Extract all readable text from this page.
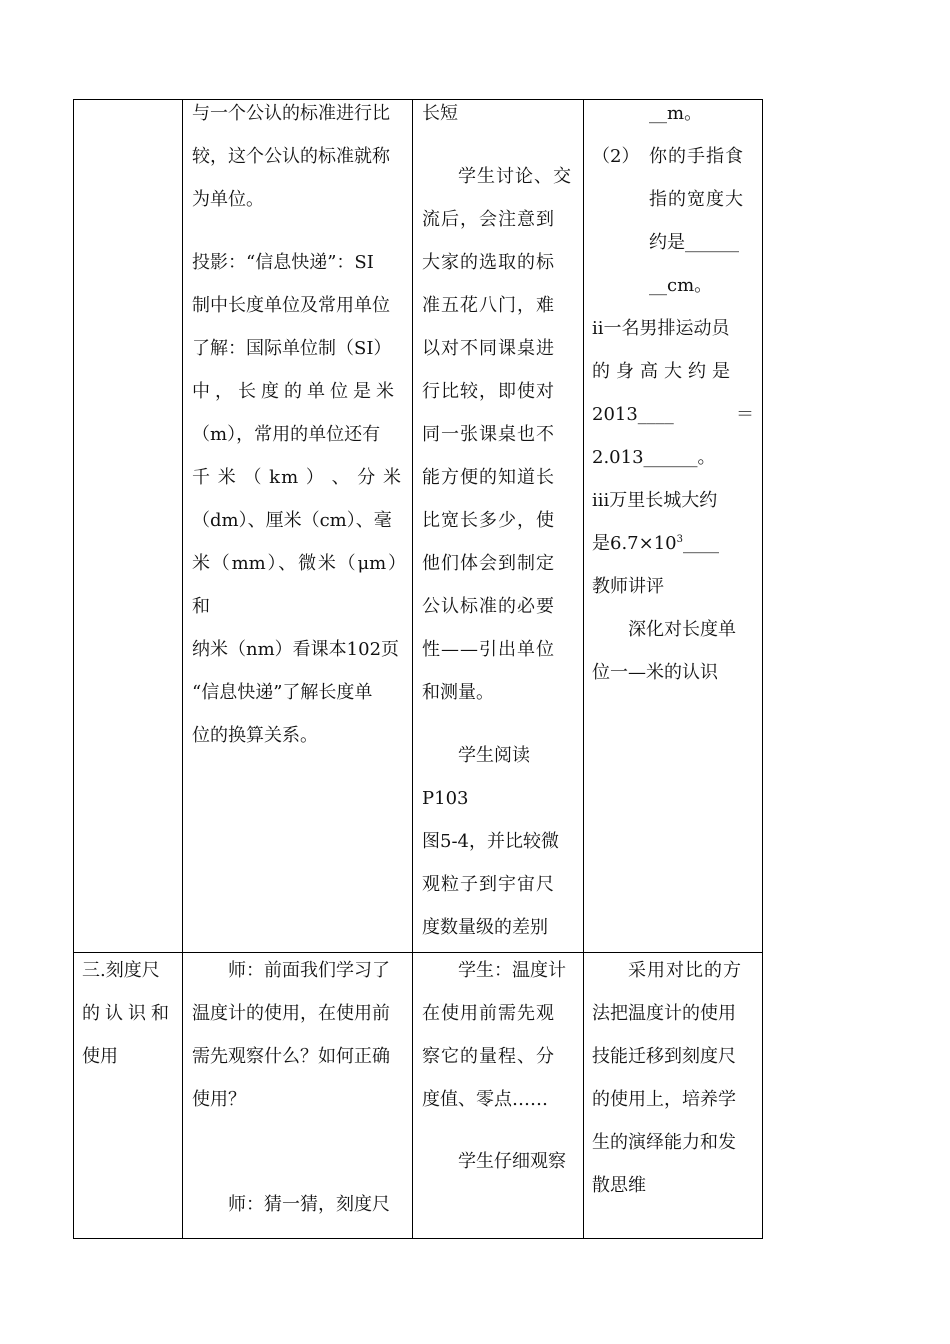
与一个公认的标准进行比

较，这个公认的标准就称

为单位。

投影：“信息快递”：SI

制中长度单位及常用单位

了解：国际单位制（SI）

中，长度的单位是米

（m），常用的单位还有

千 米 （ km ） 、 分 米

（dm）、厘米（cm）、毫

米（mm）、微米（μm）和

纳米（nm）看课本102页

“信息快递”了解长度单

位的换算关系。

长短

学生讨论、交

流后，会注意到

大家的选取的标

准五花八门，难

以对不同课桌进

行比较，即使对

同一张课桌也不

能方便的知道长

比宽长多少，使

他们体会到制定

公认标准的必要

性——引出单位

和测量。

学生阅读P103

图5-4，并比较微

观粒子到宇宙尺

度数量级的差别

__m。

（2） 你的手指食

指的宽度大

约是______

__cm。

ii一名男排运动员

的身高大约是

2013____	＝

2.013______。

iii万里长城大约

是$6.7\times 10^3\_\_\_\_$

教师讲评

深化对长度单

位一—米的认识

三.刻度尺

的认识和

使用

师：前面我们学习了

温度计的使用，在使用前

需先观察什么？如何正确

使用？

师：猜一猜，刻度尺

学生：温度计

在使用前需先观

察它的量程、分

度值、零点……

学生仔细观察

采用对比的方

法把温度计的使用

技能迁移到刻度尺

的使用上，培养学

生的演绎能力和发

散思维
